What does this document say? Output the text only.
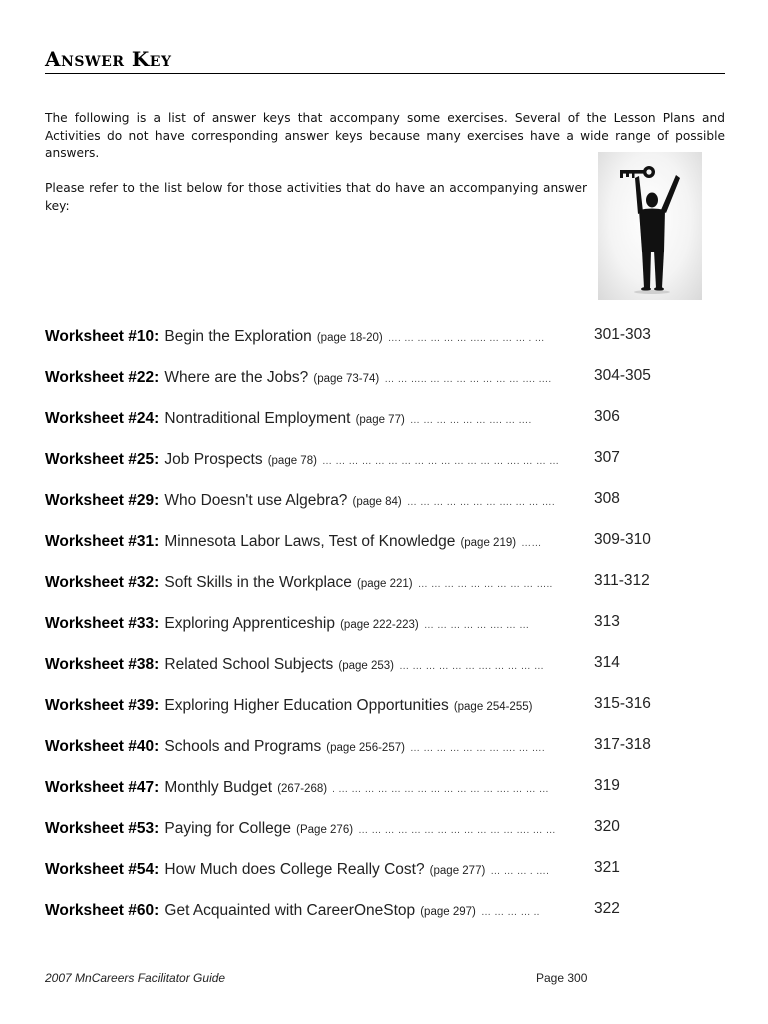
Answer Key
The following is a list of answer keys that accompany some exercises. Several of the Lesson Plans and Activities do not have corresponding answer keys because many exercises have a wide range of possible answers.
Please refer to the list below for those activities that do have an accompanying answer key:
Worksheet #10: Begin the Exploration (page 18-20) …. … … … … … ….. … … … . …	301-303
Worksheet #22: Where are the Jobs? (page 73-74) … … ….. … … … … … … … …. ….	304-305
Worksheet #24: Nontraditional Employment (page 77) … … … … … … …. … ….	306
Worksheet #25: Job Prospects (page 78) … … … … … … … … … … … … … … …. … … …	307
Worksheet #29: Who Doesn't use Algebra? (page 84) … … … … … … … …. … … ….	308
Worksheet #31: Minnesota Labor Laws, Test of Knowledge (page 219) ……	309-310
Worksheet #32: Soft Skills in the Workplace (page 221) … … … … … … … … … …..	311-312
Worksheet #33: Exploring Apprenticeship (page 222-223) … … … … … …. … …	313
Worksheet #38: Related School Subjects (page 253) … … … … … … …. … … … …	314
Worksheet #39: Exploring Higher Education Opportunities (page 254-255)	315-316
Worksheet #40: Schools and Programs (page 256-257) … … … … … … … …. … ….	317-318
Worksheet #47: Monthly Budget (267-268) . … … … … … … … … … … … … …. … … …	319
Worksheet #53: Paying for College (Page 276) … … … … … … … … … … … … …. … …	320
Worksheet #54: How Much does College Really Cost? (page 277) … … … . ….	321
Worksheet #60: Get Acquainted with CareerOneStop (page 297) … … … … ..	322
2007 MnCareers Facilitator Guide	Page 300
